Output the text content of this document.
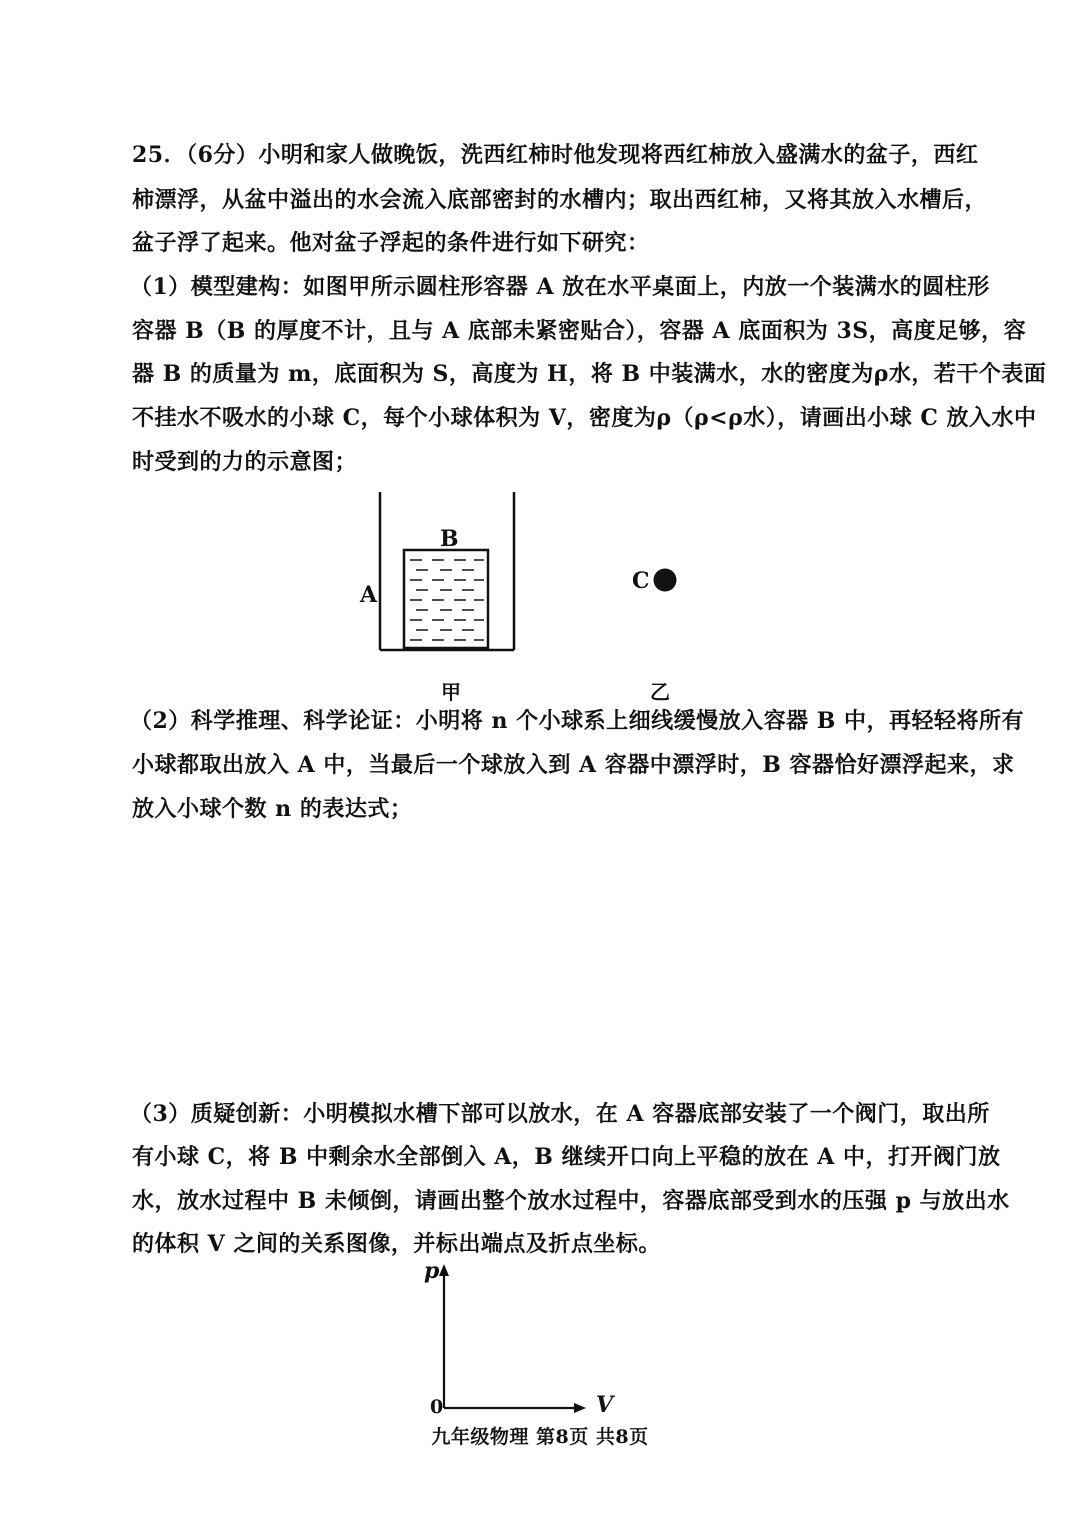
25．（6分）小明和家人做晚饭，洗西红柿时他发现将西红柿放入盛满水的盆子，西红
柿漂浮，从盆中溢出的水会流入底部密封的水槽内；取出西红柿，又将其放入水槽后，
盆子浮了起来。他对盆子浮起的条件进行如下研究：
（1）模型建构：如图甲所示圆柱形容器 A 放在水平桌面上，内放一个装满水的圆柱形
容器 B（B 的厚度不计，且与 A 底部未紧密贴合），容器 A 底面积为 3S，高度足够，容
器 B 的质量为 m，底面积为 S，高度为 H，将 B 中装满水，水的密度为ρ水，若干个表面
不挂水不吸水的小球 C，每个小球体积为 V，密度为ρ（ρ<ρ水），请画出小球 C 放入水中
时受到的力的示意图；
A
B
甲
C
乙
（2）科学推理、科学论证：小明将 n 个小球系上细线缓慢放入容器 B 中，再轻轻将所有
小球都取出放入 A 中，当最后一个球放入到 A 容器中漂浮时，B 容器恰好漂浮起来，求
放入小球个数 n 的表达式；
（3）质疑创新：小明模拟水槽下部可以放水，在 A 容器底部安装了一个阀门，取出所
有小球 C，将 B 中剩余水全部倒入 A，B 继续开口向上平稳的放在 A 中，打开阀门放
水，放水过程中 B 未倾倒，请画出整个放水过程中，容器底部受到水的压强 p 与放出水
的体积 V 之间的关系图像，并标出端点及折点坐标。
p
V
0
九年级物理 第8页 共8页
